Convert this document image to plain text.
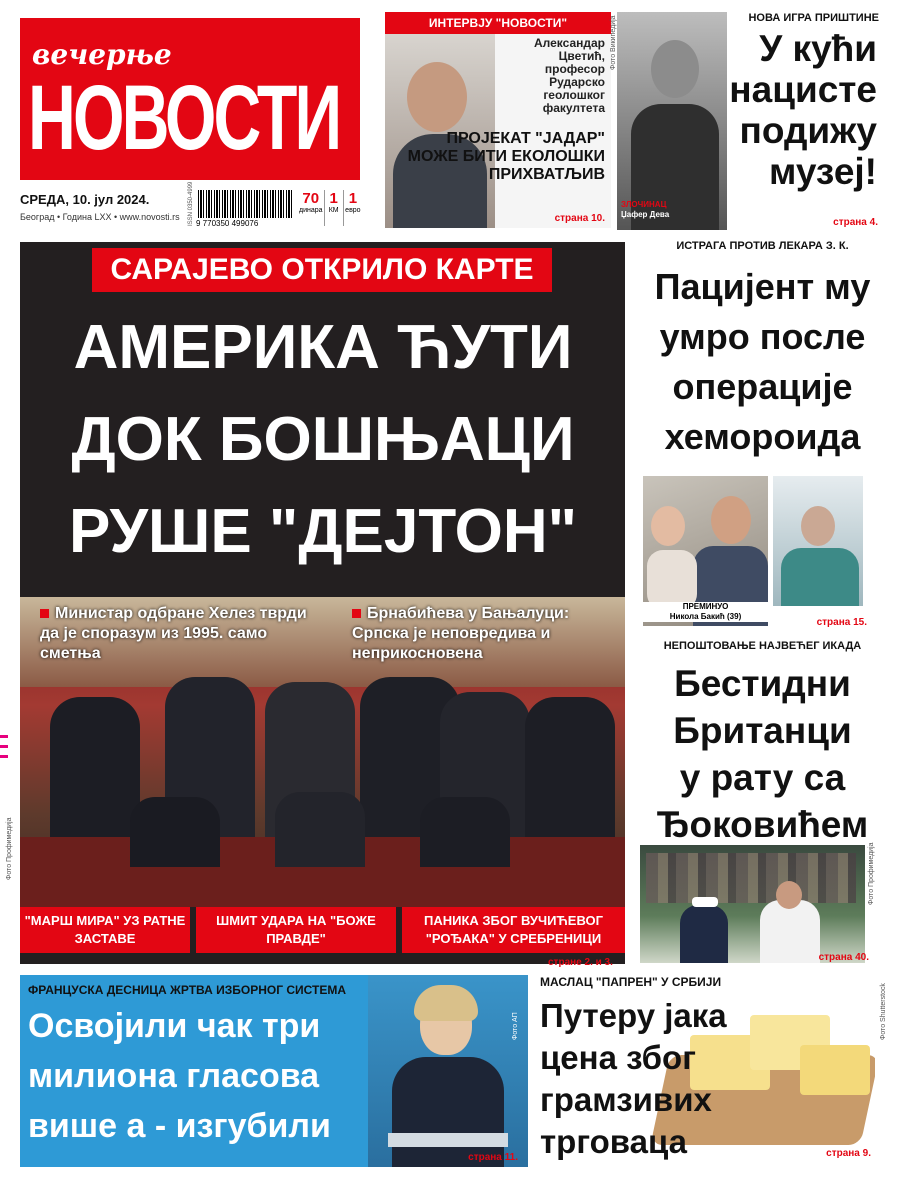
вечерње
НОВОСТИ
СРЕДА, 10. јул 2024.
Београд • Година LXX • www.novosti.rs
9 770350 499076
ISSN 0350-4999	70
динара
1
КМ
1
евро
ИНТЕРВЈУ "НОВОСТИ"
Александар Цветић, професор Рударско геолошког факултета
ПРОЈЕКАТ "ЈАДАР" МОЖЕ БИТИ ЕКОЛОШКИ ПРИХВАТЉИВ
страна 10.
Фото Википедија	НОВА ИГРА ПРИШТИНЕ
У кући
нацисте
подижу
музеј!
ЗЛОЧИНАЦ
Џафер Дева
страна 4.
САРАЈЕВО ОТКРИЛО КАРТЕ
АМЕРИКА ЋУТИ
ДОК БОШЊАЦИ
РУШЕ "ДЕЈТОН"
Министар одбране Хелез тврди да је споразум из 1995. само сметња
Брнабићева у Бањалуци: Српска је неповредива и неприкосновена
"МАРШ МИРА" УЗ РАТНЕ ЗАСТАВЕ
ШМИТ УДАРА НА "БОЖЕ ПРАВДЕ"
ПАНИКА ЗБОГ ВУЧИЋЕВОГ "РОЂАКА" У СРЕБРЕНИЦИ
Фото Профимедија
стране 2. и 3.
ИСТРАГА ПРОТИВ ЛЕКАРА З. К.
Пацијент му
умро после
операције
хемороида
ПРЕМИНУО
Никола Бакић (39)
страна 15.
НЕПОШТОВАЊЕ НАЈВЕЋЕГ ИКАДА
Бестидни
Британци
у рату са
Ђоковићем
страна 40.
Фото Профимедија
ФРАНЦУСКА ДЕСНИЦА ЖРТВА ИЗБОРНОГ СИСТЕМА
Освојили чак три
милиона гласова
више а - изгубили
страна 11.
Фото АП
МАСЛАЦ "ПАПРЕН" У СРБИЈИ
Путеру јака
цена због
грамзивих
трговаца	страна 9.
Фото Shutterstock
